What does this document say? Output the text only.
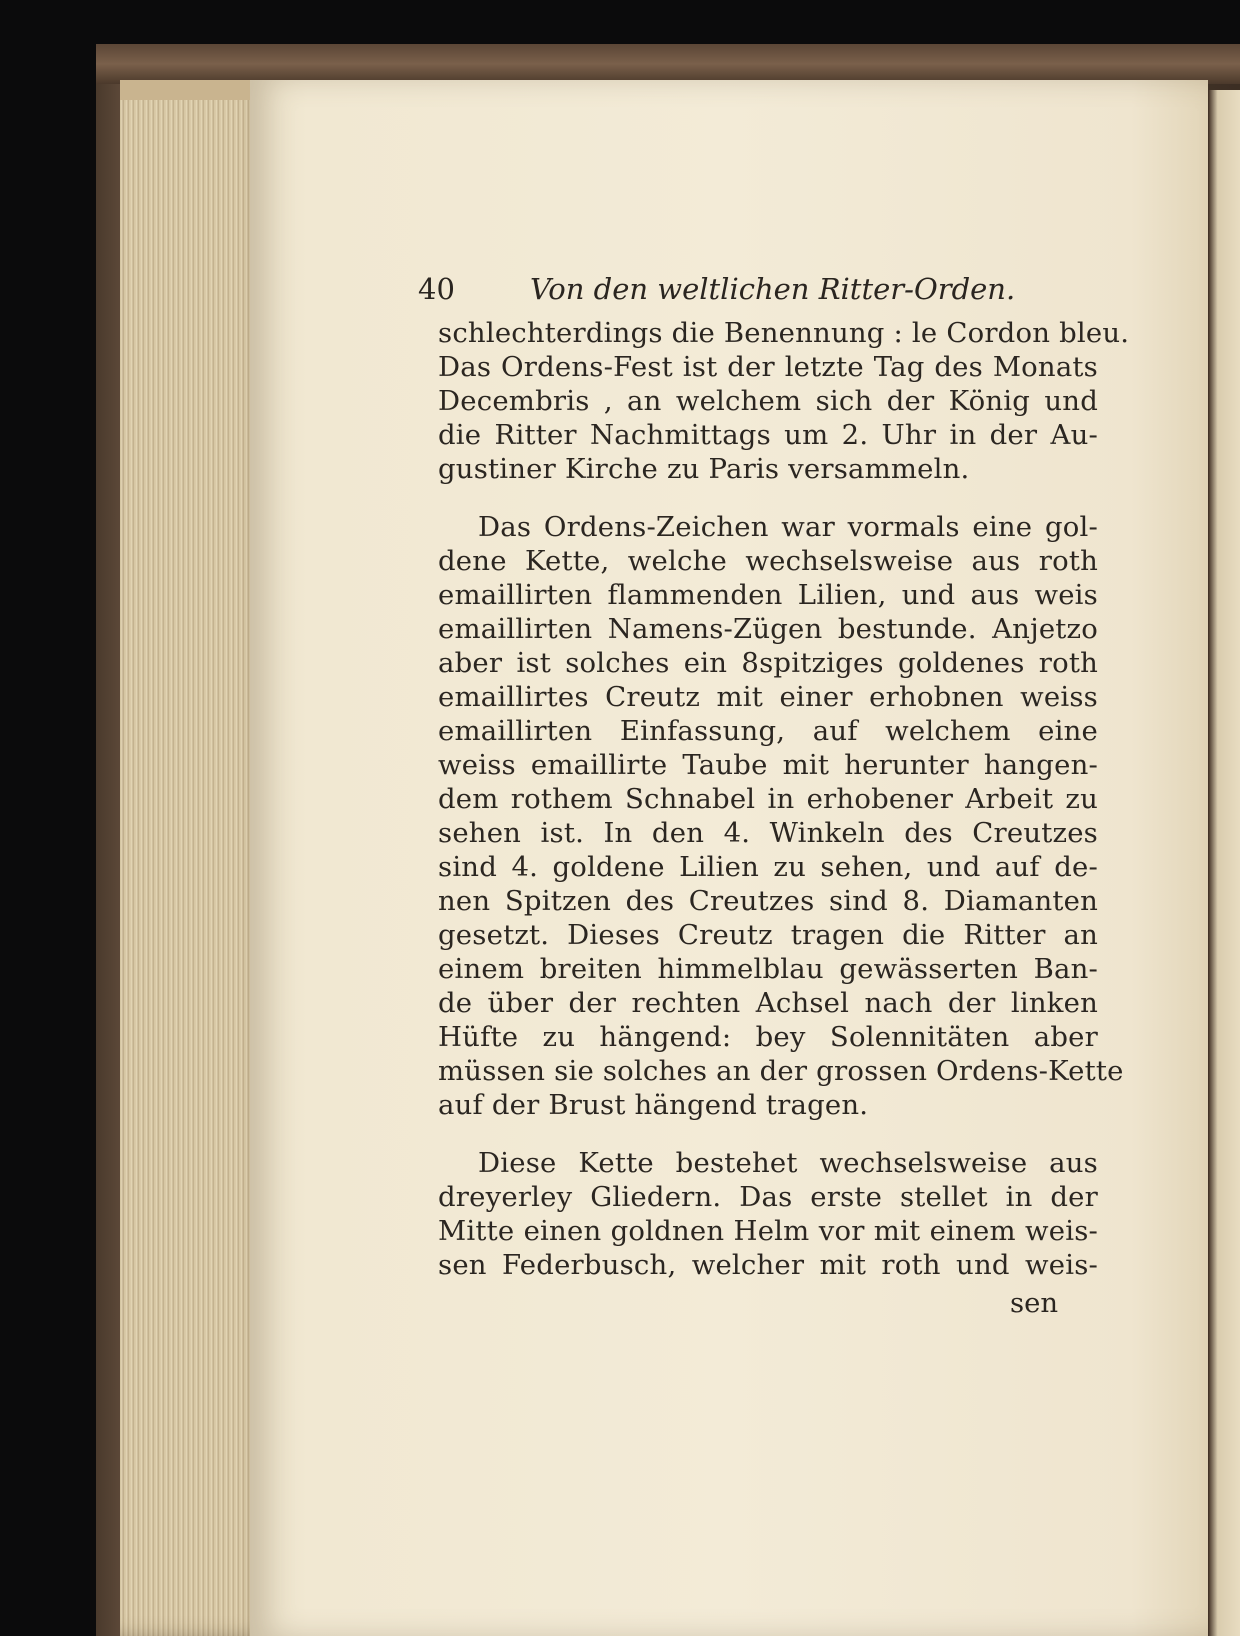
40	Von den weltlichen Ritter-Orden.
schlechterdings die Benennung : le Cordon bleu.
Das Ordens-Fest ist der letzte Tag des Monats
Decembris , an welchem sich der König und
die Ritter Nachmittags um 2. Uhr in der Au-
gustiner Kirche zu Paris versammeln.
Das Ordens-Zeichen war vormals eine gol-
dene Kette, welche wechselsweise aus roth
emaillirten flammenden Lilien, und aus weis
emaillirten Namens-Zügen bestunde. Anjetzo
aber ist solches ein 8spitziges goldenes roth
emaillirtes Creutz mit einer erhobnen weiss
emaillirten Einfassung, auf welchem eine
weiss emaillirte Taube mit herunter hangen-
dem rothem Schnabel in erhobener Arbeit zu
sehen ist. In den 4. Winkeln des Creutzes
sind 4. goldene Lilien zu sehen, und auf de-
nen Spitzen des Creutzes sind 8. Diamanten
gesetzt. Dieses Creutz tragen die Ritter an
einem breiten himmelblau gewässerten Ban-
de über der rechten Achsel nach der linken
Hüfte zu hängend: bey Solennitäten aber
müssen sie solches an der grossen Ordens-Kette
auf der Brust hängend tragen.
Diese Kette bestehet wechselsweise aus
dreyerley Gliedern. Das erste stellet in der
Mitte einen goldnen Helm vor mit einem weis-
sen Federbusch, welcher mit roth und weis-
sen
